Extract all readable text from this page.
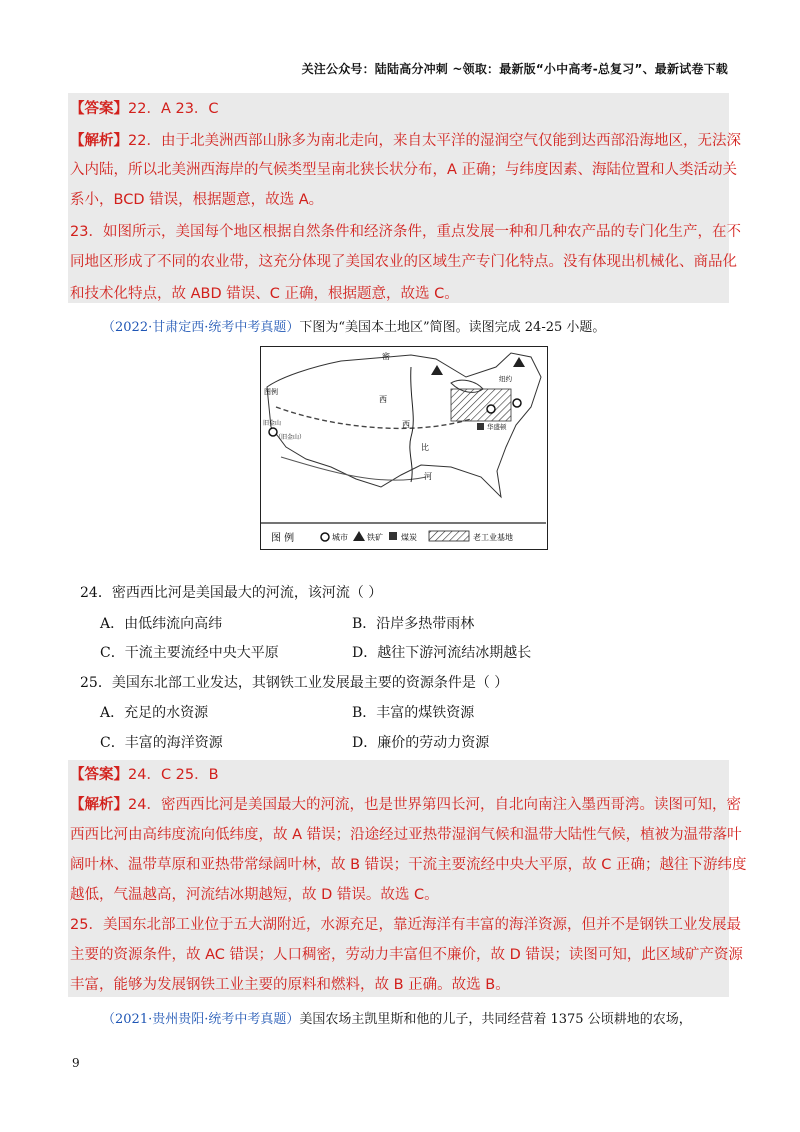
关注公众号：陆陆高分冲刺 ~领取：最新版“小中高考-总复习”、最新试卷下载
【答案】22．A 23．C
【解析】22．由于北美洲西部山脉多为南北走向，来自太平洋的湿润空气仅能到达西部沿海地区，无法深
入内陆，所以北美洲西海岸的气候类型呈南北狭长状分布，A 正确；与纬度因素、海陆位置和人类活动关
系小，BCD 错误，根据题意，故选 A。
23．如图所示，美国每个地区根据自然条件和经济条件，重点发展一种和几种农产品的专门化生产，在不
同地区形成了不同的农业带，这充分体现了美国农业的区域生产专门化特点。没有体现出机械化、商品化
和技术化特点，故 ABD 错误、C 正确，根据题意，故选 C。
（2022·甘肃定西·统考中考真题）下图为“美国本土地区”简图。读图完成 24-25 小题。
密
西
西
比
河
图例
旧金山
（旧金山）
纽约
华盛顿
图 例	城市 铁矿 煤炭	老工业基地
24．密西西比河是美国最大的河流，该河流（ ）
A．由低纬流向高纬	B．沿岸多热带雨林
C．干流主要流经中央大平原	D．越往下游河流结冰期越长
25．美国东北部工业发达，其钢铁工业发展最主要的资源条件是（ ）
A．充足的水资源	B．丰富的煤铁资源
C．丰富的海洋资源	D．廉价的劳动力资源
【答案】24．C 25．B
【解析】24．密西西比河是美国最大的河流，也是世界第四长河，自北向南注入墨西哥湾。读图可知，密
西西比河由高纬度流向低纬度，故 A 错误；沿途经过亚热带湿润气候和温带大陆性气候，植被为温带落叶
阔叶林、温带草原和亚热带常绿阔叶林，故 B 错误；干流主要流经中央大平原，故 C 正确；越往下游纬度
越低，气温越高，河流结冰期越短，故 D 错误。故选 C。
25．美国东北部工业位于五大湖附近，水源充足，靠近海洋有丰富的海洋资源，但并不是钢铁工业发展最
主要的资源条件，故 AC 错误；人口稠密，劳动力丰富但不廉价，故 D 错误；读图可知，此区域矿产资源
丰富，能够为发展钢铁工业主要的原料和燃料，故 B 正确。故选 B。
（2021·贵州贵阳·统考中考真题）美国农场主凯里斯和他的儿子，共同经营着 1375 公顷耕地的农场，
9
